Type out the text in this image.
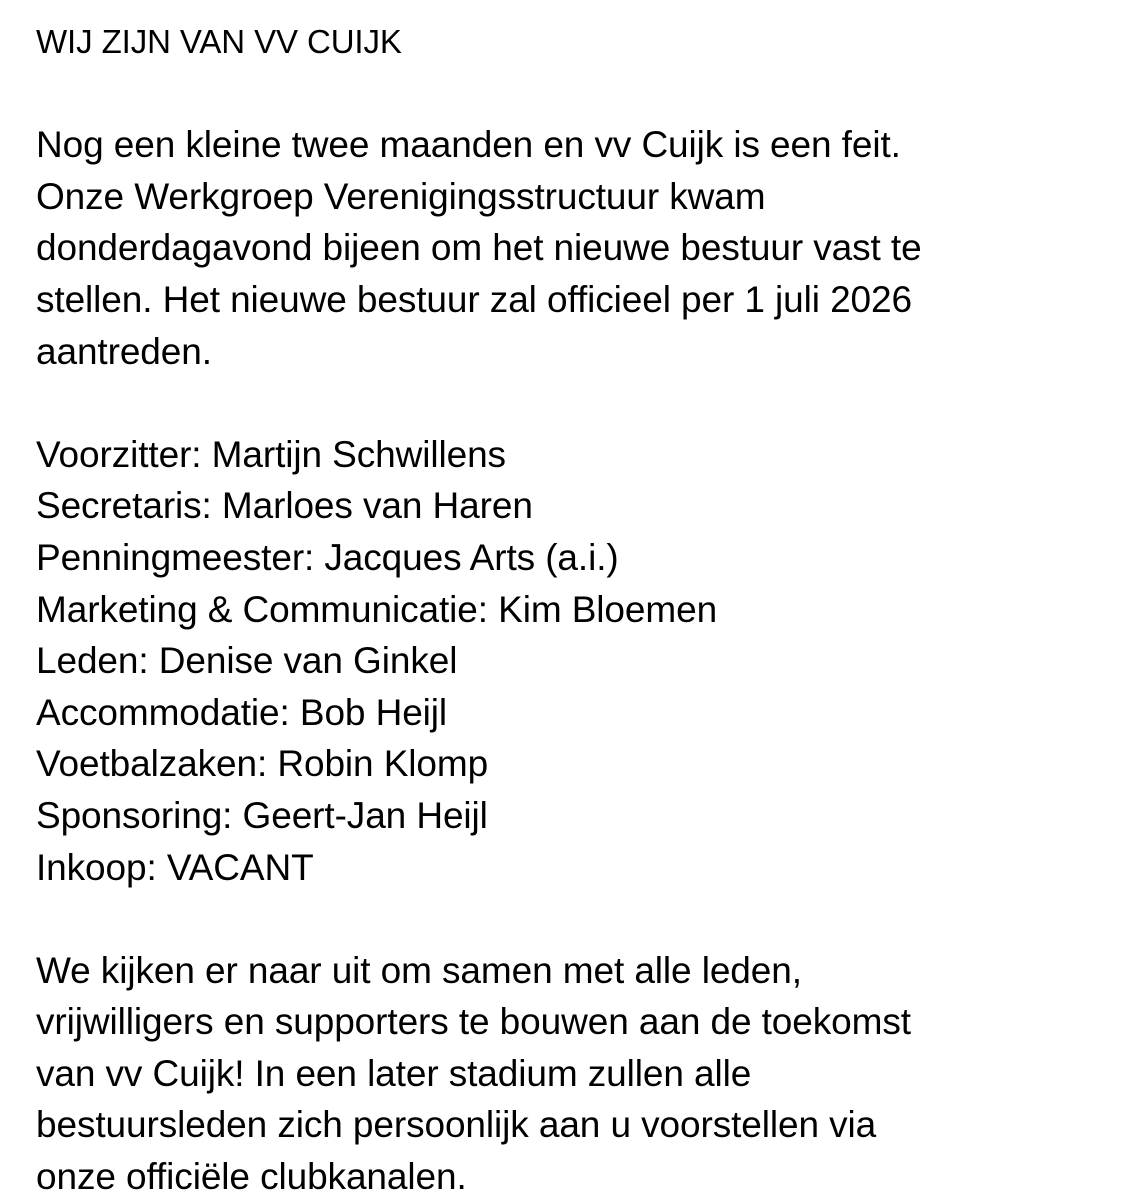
WIJ ZIJN VAN VV CUIJK
Nog een kleine twee maanden en vv Cuijk is een feit.
Onze Werkgroep Verenigingsstructuur kwam
donderdagavond bijeen om het nieuwe bestuur vast te
stellen. Het nieuwe bestuur zal officieel per 1 juli 2026
aantreden.
Voorzitter: Martijn Schwillens
Secretaris: Marloes van Haren
Penningmeester: Jacques Arts (a.i.)
Marketing & Communicatie: Kim Bloemen
Leden: Denise van Ginkel
Accommodatie: Bob Heijl
Voetbalzaken: Robin Klomp
Sponsoring: Geert-Jan Heijl
Inkoop: VACANT
We kijken er naar uit om samen met alle leden,
vrijwilligers en supporters te bouwen aan de toekomst
van vv Cuijk! In een later stadium zullen alle
bestuursleden zich persoonlijk aan u voorstellen via
onze officiële clubkanalen.
